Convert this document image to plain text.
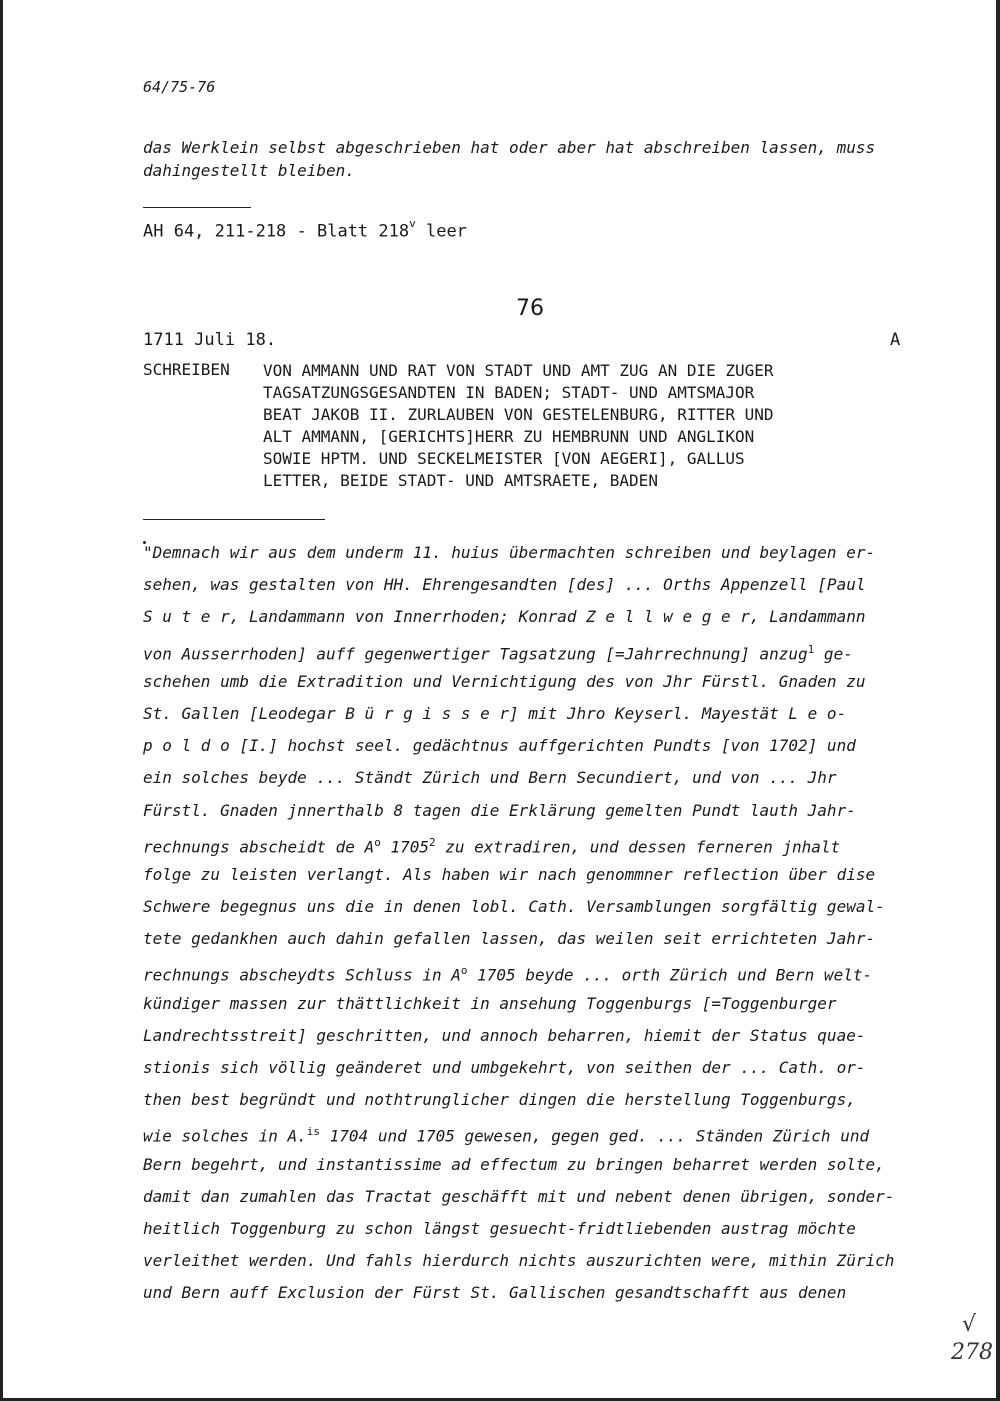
64/75-76
das Werklein selbst abgeschrieben hat oder aber hat abschreiben lassen, muss dahingestellt bleiben.
AH 64, 211-218 - Blatt 218$^v$ leer
76
1711 Juli 18.	A
SCHREIBEN VON AMMANN UND RAT VON STADT UND AMT ZUG AN DIE ZUGER
TAGSATZUNGSGESANDTEN IN BADEN; STADT- UND AMTSMAJOR
BEAT JAKOB II. ZURLAUBEN VON GESTELENBURG, RITTER UND
ALT AMMANN, [GERICHTS]HERR ZU HEMBRUNN UND ANGLIKON
SOWIE HPTM. UND SECKELMEISTER [VON AEGERI], GALLUS
LETTER, BEIDE STADT- UND AMTSRAETE, BADEN
"Demnach wir aus dem underm 11. huius übermachten schreiben und beylagen er-
sehen, was gestalten von HH. Ehrengesandten [des] ... Orths Appenzell [Paul
S u t e r, Landammann von Innerrhoden; Konrad Z e l l w e g e r, Landammann
von Ausserrhoden] auff gegenwertiger Tagsatzung [=Jahrrechnung] anzug$^1$ ge-
schehen umb die Extradition und Vernichtigung des von Jhr Fürstl. Gnaden zu
St. Gallen [Leodegar B ü r g i s s e r] mit Jhro Keyserl. Mayestät L e o-
p o l d o [I.] hochst seel. gedächtnus auffgerichten Pundts [von 1702] und
ein solches beyde ... Ständt Zürich und Bern Secundiert, und von ... Jhr
Fürstl. Gnaden jnnerthalb 8 tagen die Erklärung gemelten Pundt lauth Jahr-
rechnungs abscheidt de $A^o$ 1705$^2$ zu extradiren, und dessen ferneren jnhalt
folge zu leisten verlangt. Als haben wir nach genommner reflection über dise
Schwere begegnus uns die in denen lobl. Cath. Versamblungen sorgfältig gewal-
tete gedankhen auch dahin gefallen lassen, das weilen seit errichteten Jahr-
rechnungs abscheydts Schluss in $A^o$ 1705 beyde ... orth Zürich und Bern welt-
kündiger massen zur thättlichkeit in ansehung Toggenburgs [=Toggenburger
Landrechtsstreit] geschritten, und annoch beharren, hiemit der Status quae-
stionis sich völlig geänderet und umbgekehrt, von seithen der ... Cath. or-
then best begründt und nothtrunglicher dingen die herstellung Toggenburgs,
wie solches in A.$^{is}$ 1704 und 1705 gewesen, gegen ged. ... Ständen Zürich und
Bern begehrt, und instantissime ad effectum zu bringen beharret werden solte,
damit dan zumahlen das Tractat geschäfft mit und nebent denen übrigen, sonder-
heitlich Toggenburg zu schon längst gesuecht-fridtliebenden austrag möchte
verleithet werden. Und fahls hierdurch nichts auszurichten were, mithin Zürich
und Bern auff Exclusion der Fürst St. Gallischen gesandtschafft aus denen
√
278
